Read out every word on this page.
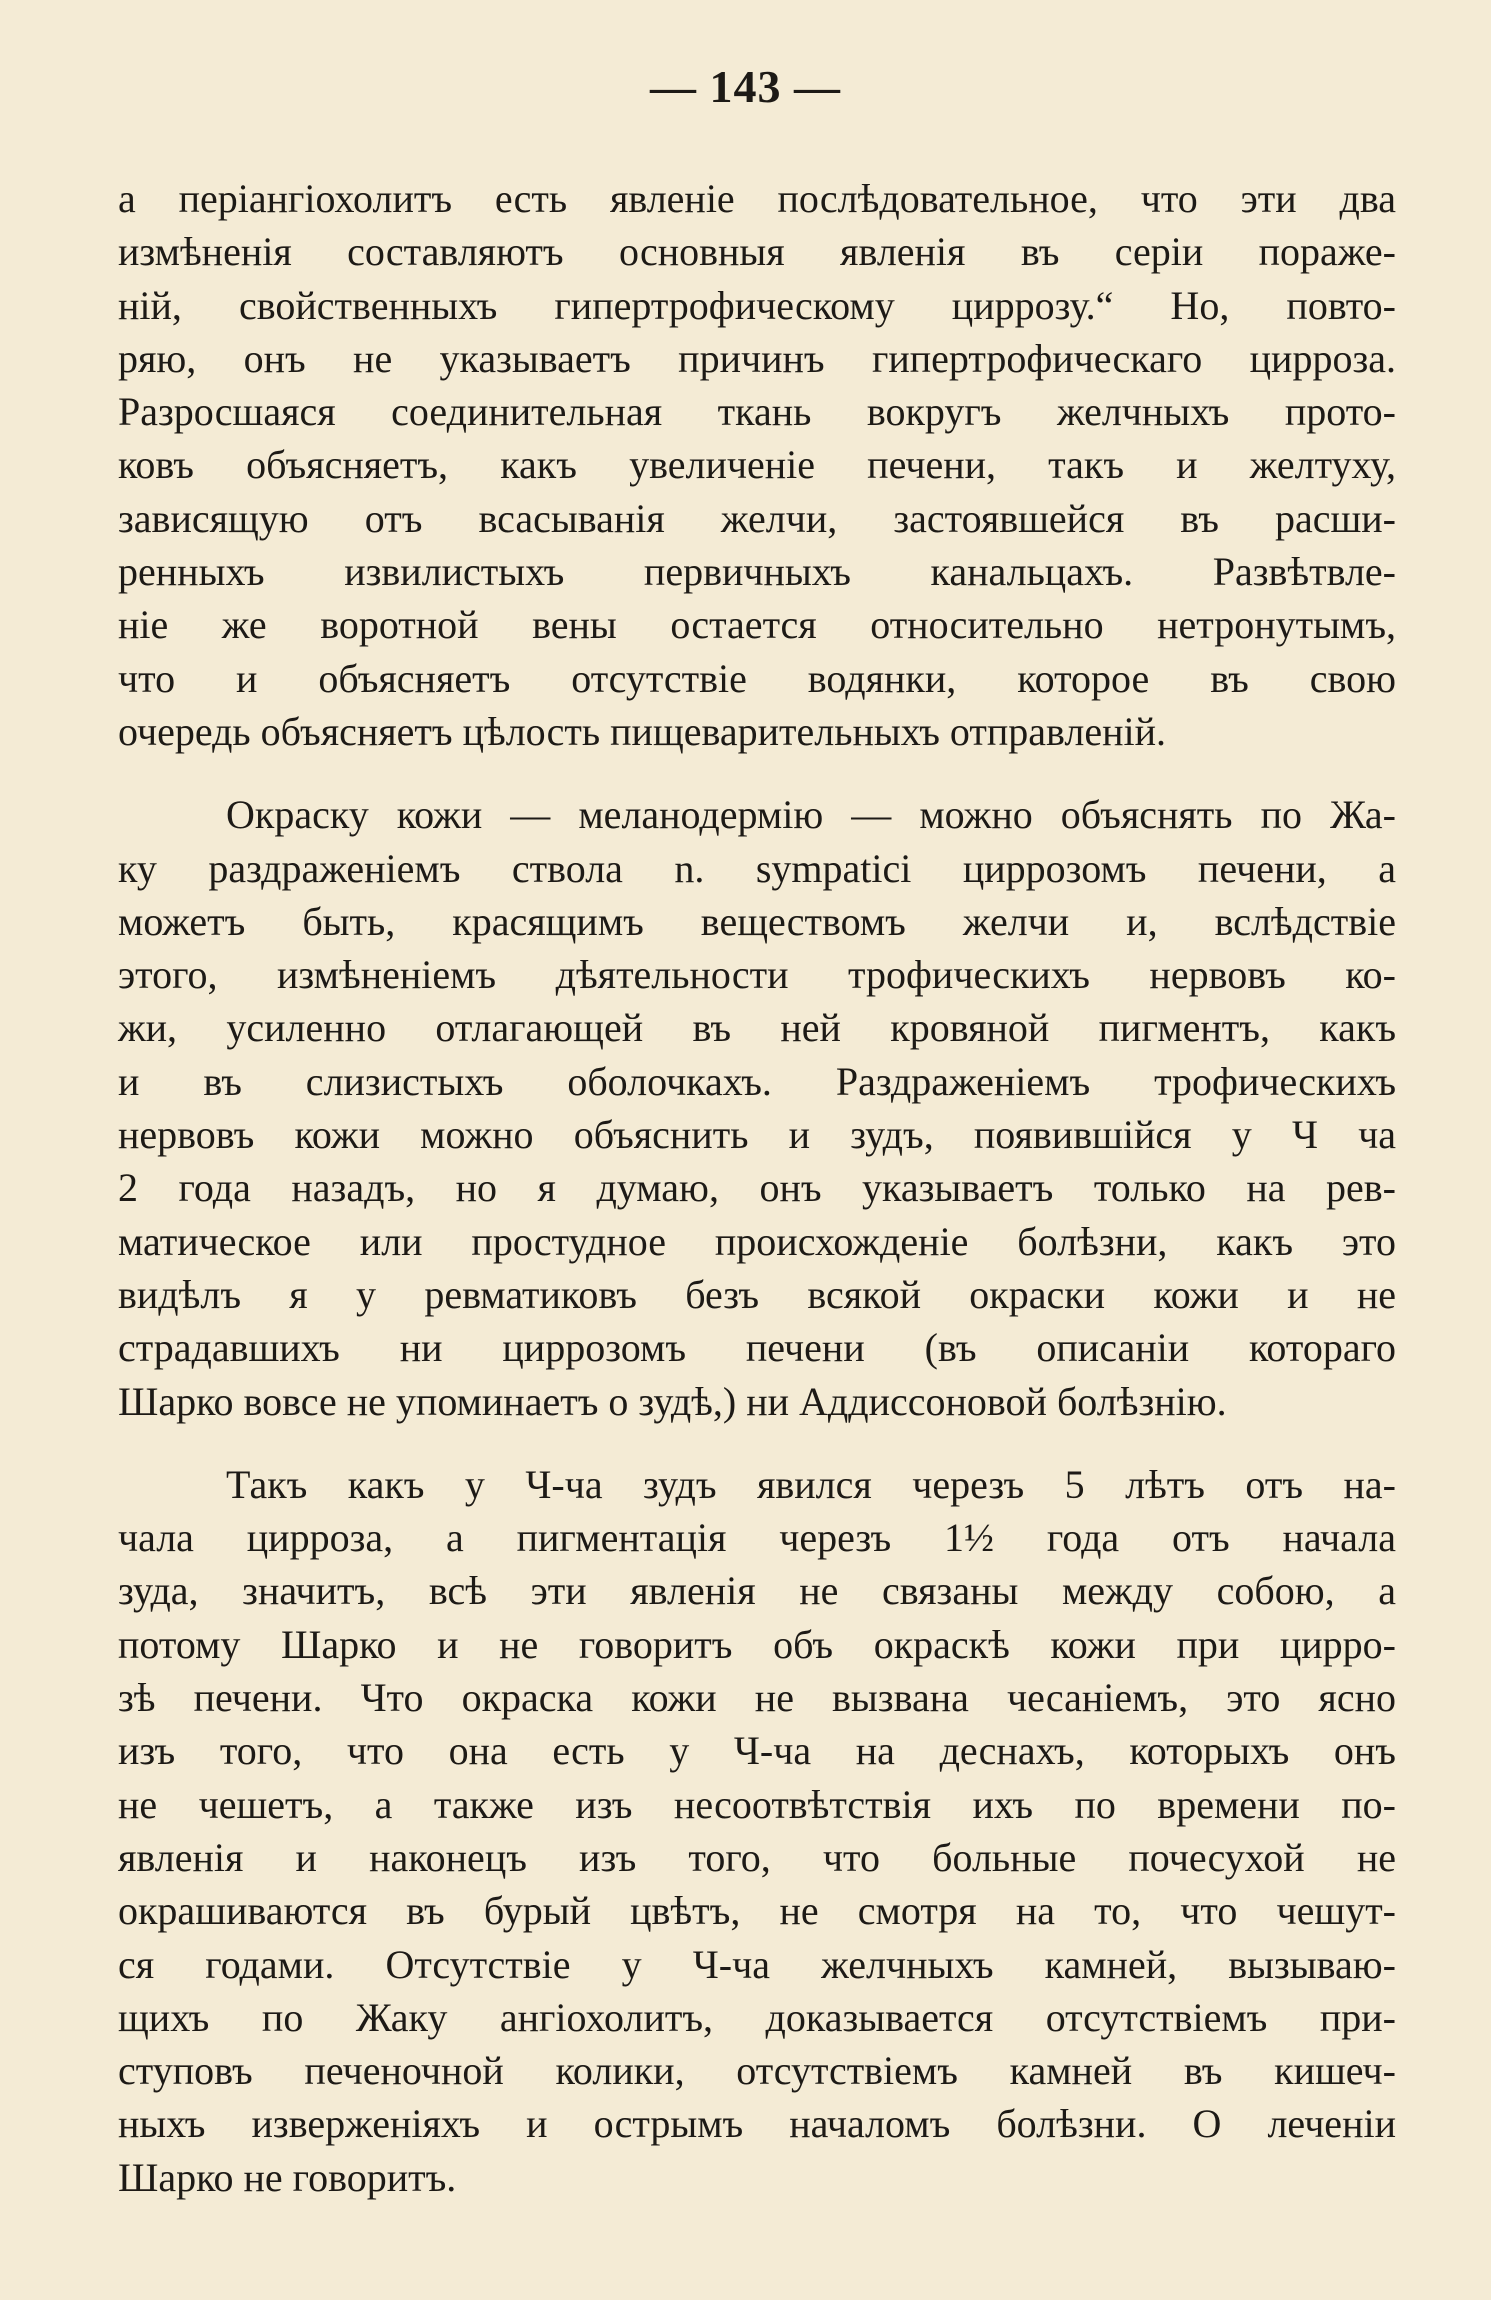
— 143 —
а періангіохолитъ есть явленіе послѣдовательное, что эти два
измѣненія составляютъ основныя явленія въ серіи пораже-
ній, свойственныхъ гипертрофическому циррозу.“ Но, повто-
ряю, онъ не указываетъ причинъ гипертрофическаго цирроза.
Разросшаяся соединительная ткань вокругъ желчныхъ прото-
ковъ объясняетъ, какъ увеличеніе печени, такъ и желтуху,
зависящую отъ всасыванія желчи, застоявшейся въ расши-
ренныхъ извилистыхъ первичныхъ канальцахъ. Развѣтвле-
ніе же воротной вены остается относительно нетронутымъ,
что и объясняетъ отсутствіе водянки, которое въ свою
очередь объясняетъ цѣлость пищеварительныхъ отправленій.
Окраску кожи — меланодермію — можно объяснять по Жа-
ку раздраженіемъ ствола n. sympaticі циррозомъ печени, а
можетъ быть, красящимъ веществомъ желчи и, вслѣдствіе
этого, измѣненіемъ дѣятельности трофическихъ нервовъ ко-
жи, усиленно отлагающей въ ней кровяной пигментъ, какъ
и въ слизистыхъ оболочкахъ. Раздраженіемъ трофическихъ
нервовъ кожи можно объяснить и зудъ, появившійся у Ч ча
2 года назадъ, но я думаю, онъ указываетъ только на рев-
матическое или простудное происхожденіе болѣзни, какъ это
видѣлъ я у ревматиковъ безъ всякой окраски кожи и не
страдавшихъ ни циррозомъ печени (въ описаніи котораго
Шарко вовсе не упоминаетъ о зудѣ,) ни Аддиссоновой болѣзнію.
Такъ какъ у Ч-ча зудъ явился черезъ 5 лѣтъ отъ на-
чала цирроза, а пигментація черезъ 1½ года отъ начала
зуда, значитъ, всѣ эти явленія не связаны между собою, а
потому Шарко и не говоритъ объ окраскѣ кожи при цирро-
зѣ печени. Что окраска кожи не вызвана чесаніемъ, это ясно
изъ того, что она есть у Ч-ча на деснахъ, которыхъ онъ
не чешетъ, а также изъ несоотвѣтствія ихъ по времени по-
явленія и наконецъ изъ того, что больные почесухой не
окрашиваются въ бурый цвѣтъ, не смотря на то, что чешут-
ся годами. Отсутствіе у Ч-ча желчныхъ камней, вызываю-
щихъ по Жаку ангіохолитъ, доказывается отсутствіемъ при-
ступовъ печеночной колики, отсутствіемъ камней въ кишеч-
ныхъ изверженіяхъ и острымъ началомъ болѣзни. О леченіи
Шарко не говоритъ.
